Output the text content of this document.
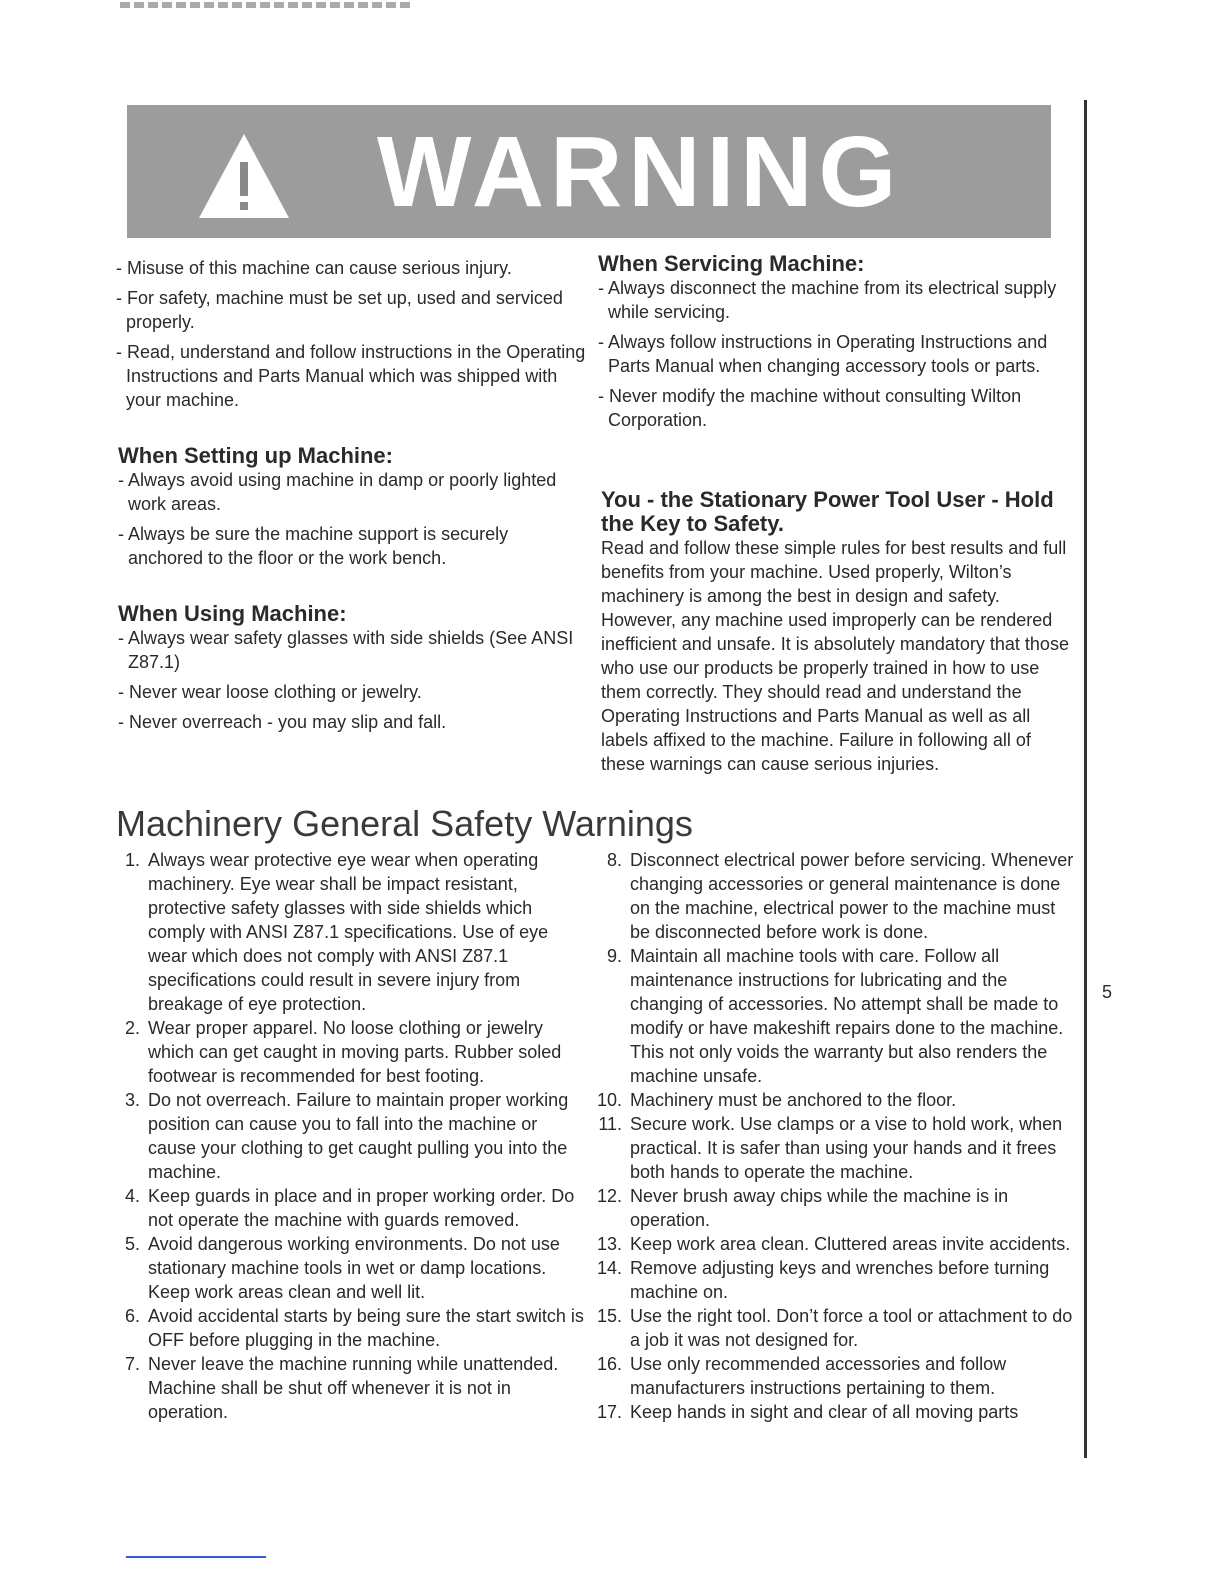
WARNING

- Misuse of this machine can cause serious injury.

- For safety, machine must be set up, used and serviced properly.

- Read, understand and follow instructions in the Operating Instructions and Parts Manual which was shipped with your machine.

When Setting up Machine:

- Always avoid using machine in damp or poorly lighted work areas.

- Always be sure the machine support is securely anchored to the floor or the work bench.

When Using Machine:

- Always wear safety glasses with side shields (See ANSI Z87.1)

- Never wear loose clothing or jewelry.

- Never overreach - you may slip and fall.

When Servicing Machine:

- Always disconnect the machine from its electrical supply while servicing.

- Always follow instructions in Operating Instructions and Parts Manual when changing accessory tools or parts.

- Never modify the machine without consulting Wilton Corporation.

You - the Stationary Power Tool User - Hold the Key to Safety.

Read and follow these simple rules for best results and full benefits from your machine. Used properly, Wilton’s machinery is among the best in design and safety. However, any machine used improperly can be rendered inefficient and unsafe. It is absolutely mandatory that those who use our products be properly trained in how to use them correctly. They should read and understand the Operating Instructions and Parts Manual as well as all labels affixed to the machine. Failure in following all of these warnings can cause serious injuries.

Machinery General Safety Warnings
1. Always wear protective eye wear when operating machinery. Eye wear shall be impact resistant, protective safety glasses with side shields which comply with ANSI Z87.1 specifications. Use of eye wear which does not comply with ANSI Z87.1 specifications could result in severe injury from breakage of eye protection.
2. Wear proper apparel. No loose clothing or jewelry which can get caught in moving parts. Rubber soled footwear is recommended for best footing.
3. Do not overreach. Failure to maintain proper working position can cause you to fall into the machine or cause your clothing to get caught pulling you into the machine.
4. Keep guards in place and in proper working order. Do not operate the machine with guards removed.
5. Avoid dangerous working environments. Do not use stationary machine tools in wet or damp locations. Keep work areas clean and well lit.
6. Avoid accidental starts by being sure the start switch is OFF before plugging in the machine.
7. Never leave the machine running while unattended. Machine shall be shut off whenever it is not in operation.
8. Disconnect electrical power before servicing. Whenever changing accessories or general maintenance is done on the machine, electrical power to the machine must be disconnected before work is done.
9. Maintain all machine tools with care. Follow all maintenance instructions for lubricating and the changing of accessories. No attempt shall be made to modify or have makeshift repairs done to the machine. This not only voids the warranty but also renders the machine unsafe.
10. Machinery must be anchored to the floor.
11. Secure work. Use clamps or a vise to hold work, when practical. It is safer than using your hands and it frees both hands to operate the machine.
12. Never brush away chips while the machine is in operation.
13. Keep work area clean. Cluttered areas invite accidents.
14. Remove adjusting keys and wrenches before turning machine on.
15. Use the right tool. Don’t force a tool or attachment to do a job it was not designed for.
16. Use only recommended accessories and follow manufacturers instructions pertaining to them.
17. Keep hands in sight and clear of all moving parts
5
